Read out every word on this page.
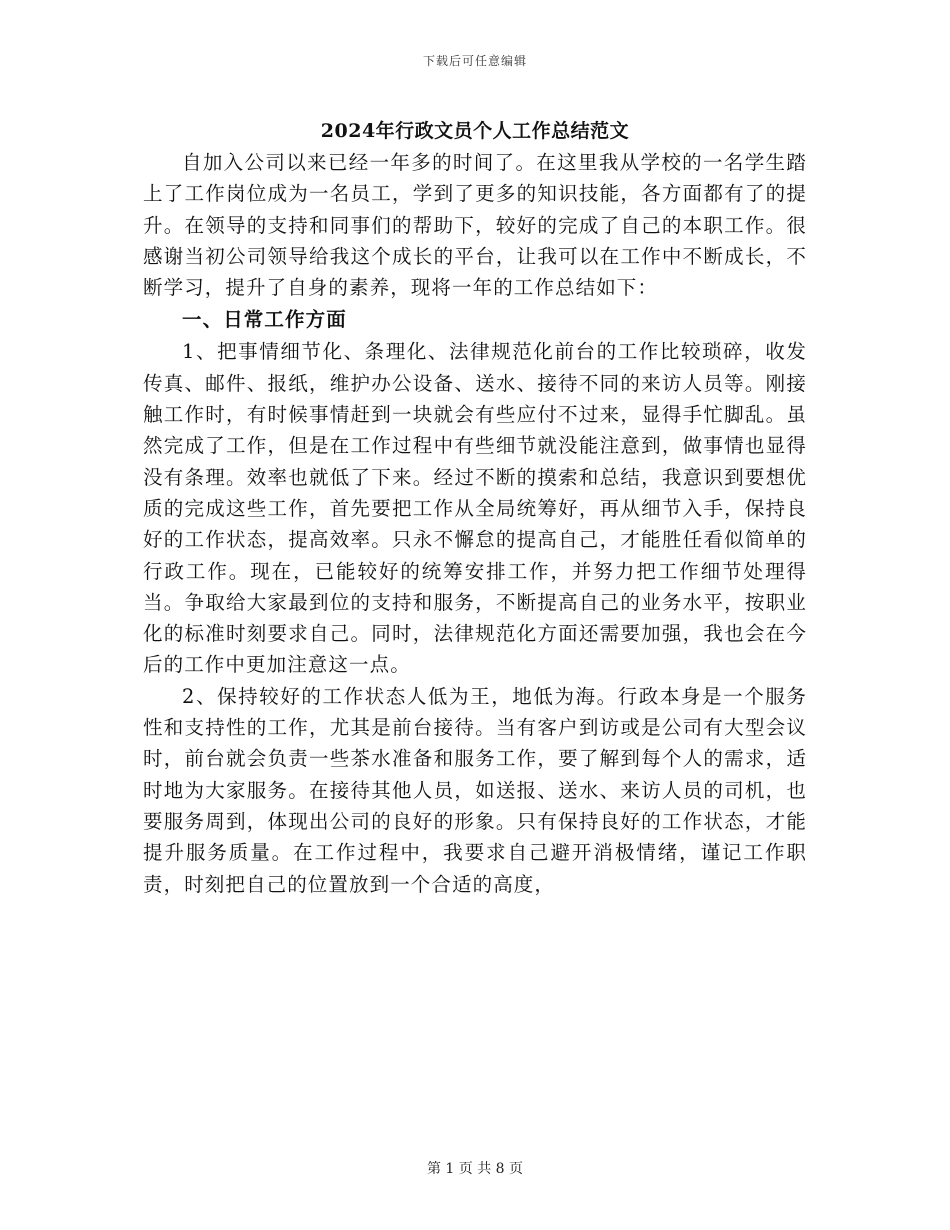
下载后可任意编辑
2024年行政文员个人工作总结范文

自加入公司以来已经一年多的时间了。在这里我从学校的一名学生踏上了工作岗位成为一名员工，学到了更多的知识技能，各方面都有了的提升。在领导的支持和同事们的帮助下，较好的完成了自己的本职工作。很感谢当初公司领导给我这个成长的平台，让我可以在工作中不断成长，不断学习，提升了自身的素养，现将一年的工作总结如下：

一、日常工作方面

1、把事情细节化、条理化、法律规范化前台的工作比较琐碎，收发传真、邮件、报纸，维护办公设备、送水、接待不同的来访人员等。刚接触工作时，有时候事情赶到一块就会有些应付不过来，显得手忙脚乱。虽然完成了工作，但是在工作过程中有些细节就没能注意到，做事情也显得没有条理。效率也就低了下来。经过不断的摸索和总结，我意识到要想优质的完成这些工作，首先要把工作从全局统筹好，再从细节入手，保持良好的工作状态，提高效率。只永不懈怠的提高自己，才能胜任看似简单的行政工作。现在，已能较好的统筹安排工作，并努力把工作细节处理得当。争取给大家最到位的支持和服务，不断提高自己的业务水平，按职业化的标准时刻要求自己。同时，法律规范化方面还需要加强，我也会在今后的工作中更加注意这一点。

2、保持较好的工作状态人低为王，地低为海。行政本身是一个服务性和支持性的工作，尤其是前台接待。当有客户到访或是公司有大型会议时，前台就会负责一些茶水准备和服务工作，要了解到每个人的需求，适时地为大家服务。在接待其他人员，如送报、送水、来访人员的司机，也要服务周到，体现出公司的良好的形象。只有保持良好的工作状态，才能提升服务质量。在工作过程中，我要求自己避开消极情绪，谨记工作职责，时刻把自己的位置放到一个合适的高度，

第 1 页 共 8 页
